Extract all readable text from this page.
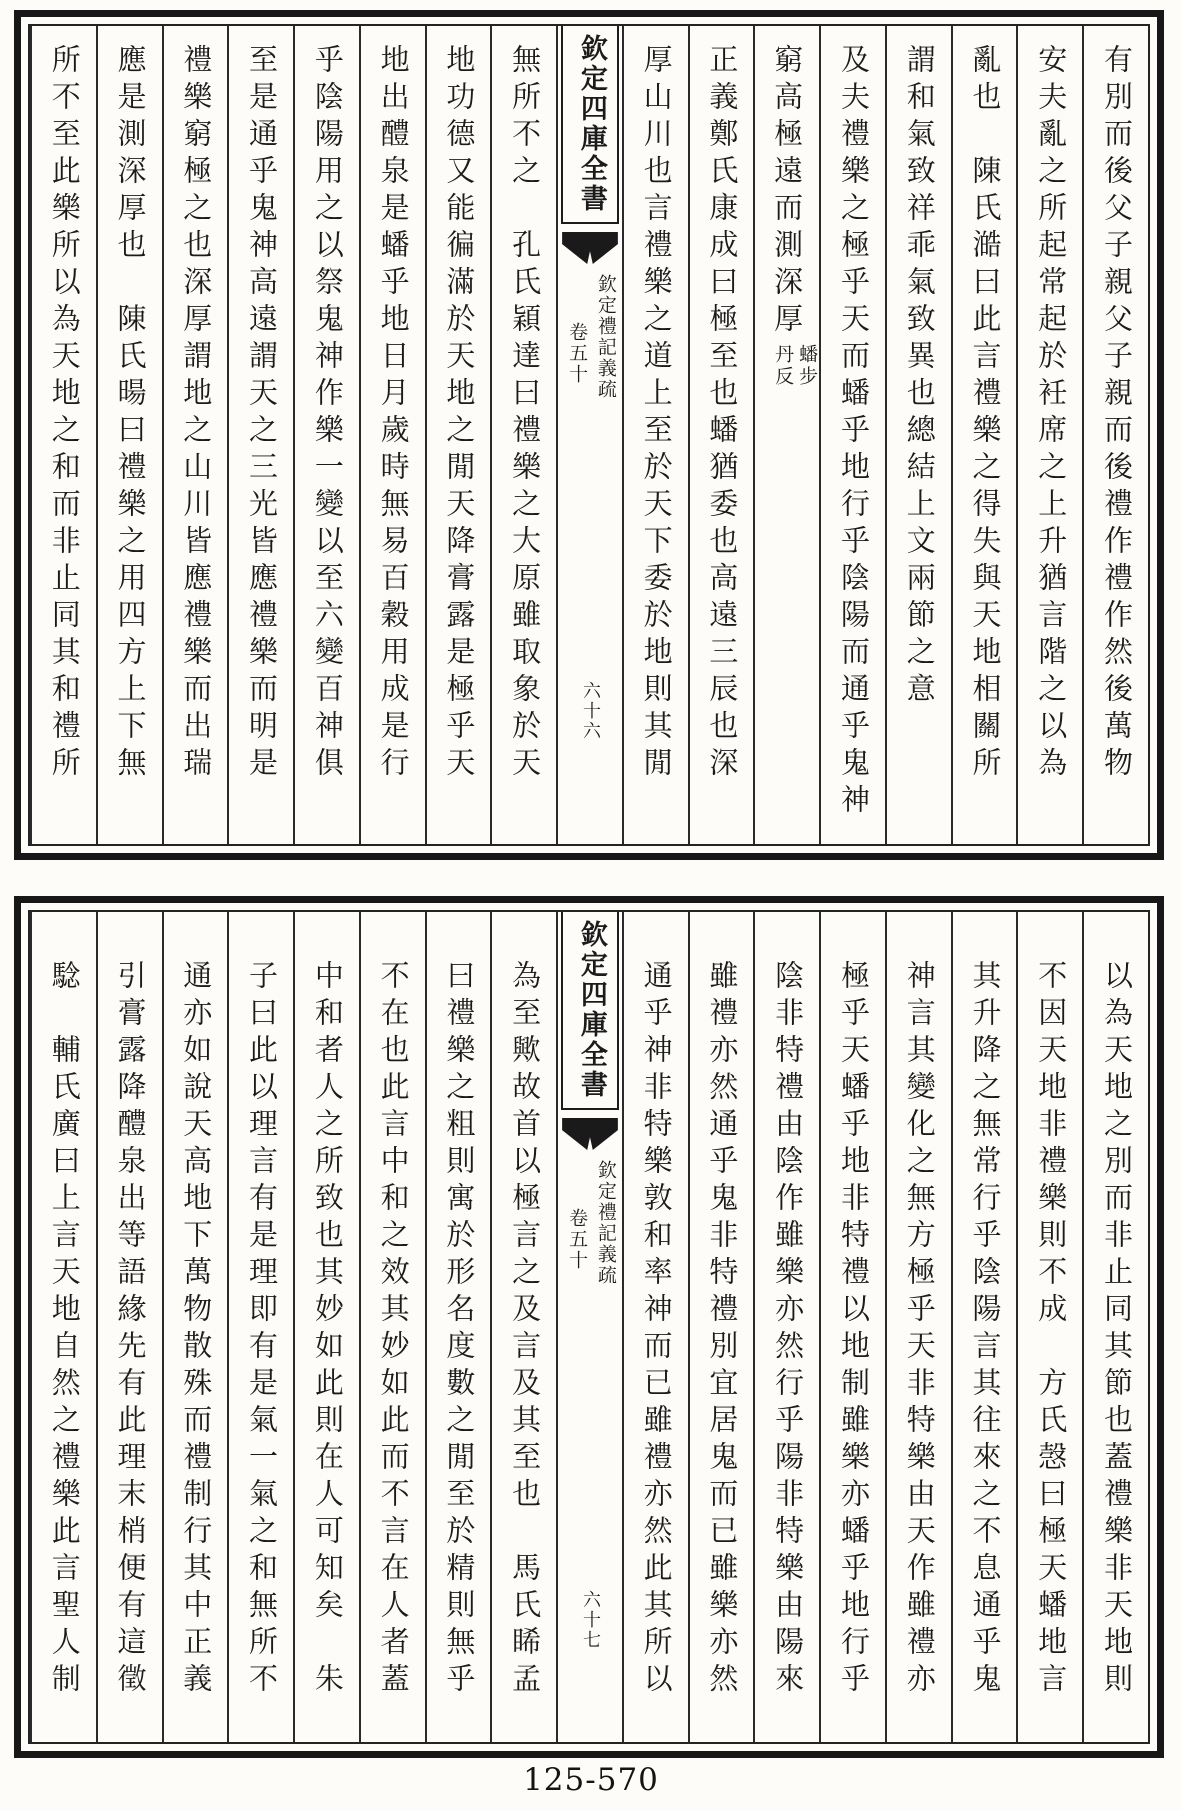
有別而後父子親父子親而後禮作禮作然後萬物
安夫亂之所起常起於衽席之上升猶言階之以為
亂也　陳氏澔曰此言禮樂之得失與天地相關所
謂和氣致祥乖氣致異也總結上文兩節之意
及夫禮樂之極乎天而蟠乎地行乎陰陽而通乎鬼神
窮高極遠而測深厚蟠步丹反
正義鄭氏康成曰極至也蟠猶委也高遠三辰也深
厚山川也言禮樂之道上至於天下委於地則其閒
欽定四庫全書
欽定禮記義疏
卷五十
六十六
無所不之　孔氏穎達曰禮樂之大原雖取象於天
地功德又能徧滿於天地之閒天降膏露是極乎天
地出醴泉是蟠乎地日月歲時無易百穀用成是行
乎陰陽用之以祭鬼神作樂一變以至六變百神俱
至是通乎鬼神高遠謂天之三光皆應禮樂而明是
禮樂窮極之也深厚謂地之山川皆應禮樂而出瑞
應是測深厚也　陳氏暘曰禮樂之用四方上下無
所不至此樂所以為天地之和而非止同其和禮所
以為天地之別而非止同其節也蓋禮樂非天地則
不因天地非禮樂則不成　方氏愨曰極天蟠地言
其升降之無常行乎陰陽言其往來之不息通乎鬼
神言其變化之無方極乎天非特樂由天作雖禮亦
極乎天蟠乎地非特禮以地制雖樂亦蟠乎地行乎
陰非特禮由陰作雖樂亦然行乎陽非特樂由陽來
雖禮亦然通乎鬼非特禮別宜居鬼而已雖樂亦然
通乎神非特樂敦和率神而已雖禮亦然此其所以
欽定四庫全書
欽定禮記義疏
卷五十
六十七
為至歟故首以極言之及言及其至也　馬氏睎孟
曰禮樂之粗則寓於形名度數之閒至於精則無乎
不在也此言中和之效其妙如此而不言在人者蓋
中和者人之所致也其妙如此則在人可知矣　朱
子曰此以理言有是理即有是氣一氣之和無所不
通亦如說天高地下萬物散殊而禮制行其中正義
引膏露降醴泉出等語緣先有此理末梢便有這徵
騐　輔氏廣曰上言天地自然之禮樂此言聖人制
125-570
